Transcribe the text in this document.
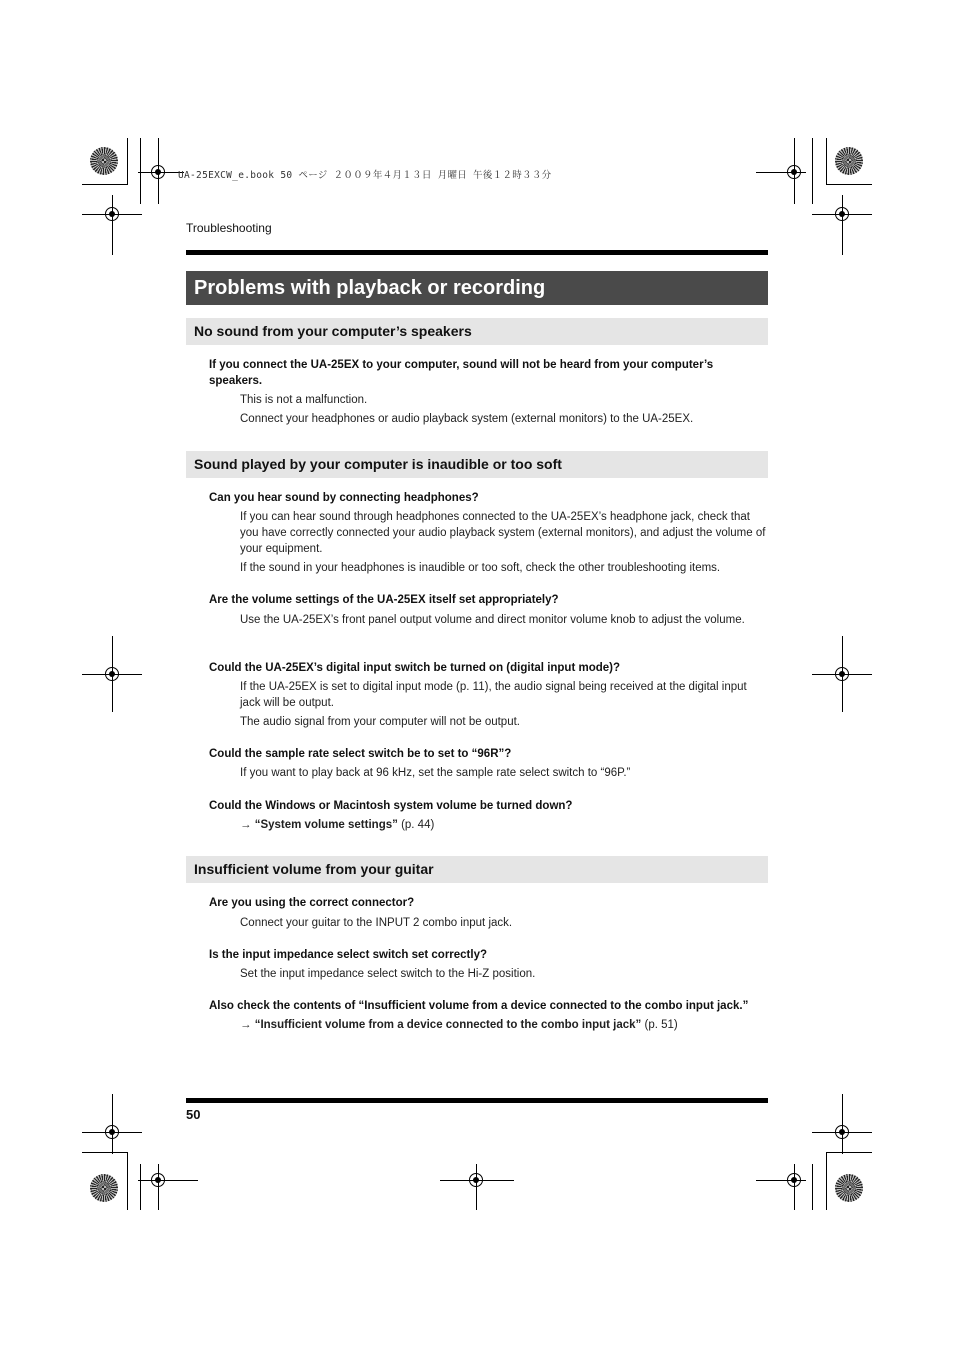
UA-25EXCW_e.book 50 ページ ２００９年４月１３日 月曜日 午後１２時３３分
Troubleshooting
Problems with playback or recording
No sound from your computer’s speakers
If you connect the UA-25EX to your computer, sound will not be heard from your computer’s speakers.
This is not a malfunction.
Connect your headphones or audio playback system (external monitors) to the UA-25EX.
Sound played by your computer is inaudible or too soft
Can you hear sound by connecting headphones?
If you can hear sound through headphones connected to the UA-25EX’s headphone jack, check that you have correctly connected your audio playback system (external monitors), and adjust the volume of your equipment.
If the sound in your headphones is inaudible or too soft, check the other troubleshooting items.
Are the volume settings of the UA-25EX itself set appropriately?
Use the UA-25EX’s front panel output volume and direct monitor volume knob to adjust the volume.
Could the UA-25EX’s digital input switch be turned on (digital input mode)?
If the UA-25EX is set to digital input mode (p. 11), the audio signal being received at the digital input jack will be output.
The audio signal from your computer will not be output.
Could the sample rate select switch be to set to “96R”?
If you want to play back at 96 kHz, set the sample rate select switch to “96P.”
Could the Windows or Macintosh system volume be turned down?
→ “System volume settings” (p. 44)
Insufficient volume from your guitar
Are you using the correct connector?
Connect your guitar to the INPUT 2 combo input jack.
Is the input impedance select switch set correctly?
Set the input impedance select switch to the Hi-Z position.
Also check the contents of “Insufficient volume from a device connected to the combo input jack.”
→ “Insufficient volume from a device connected to the combo input jack” (p. 51)
50
